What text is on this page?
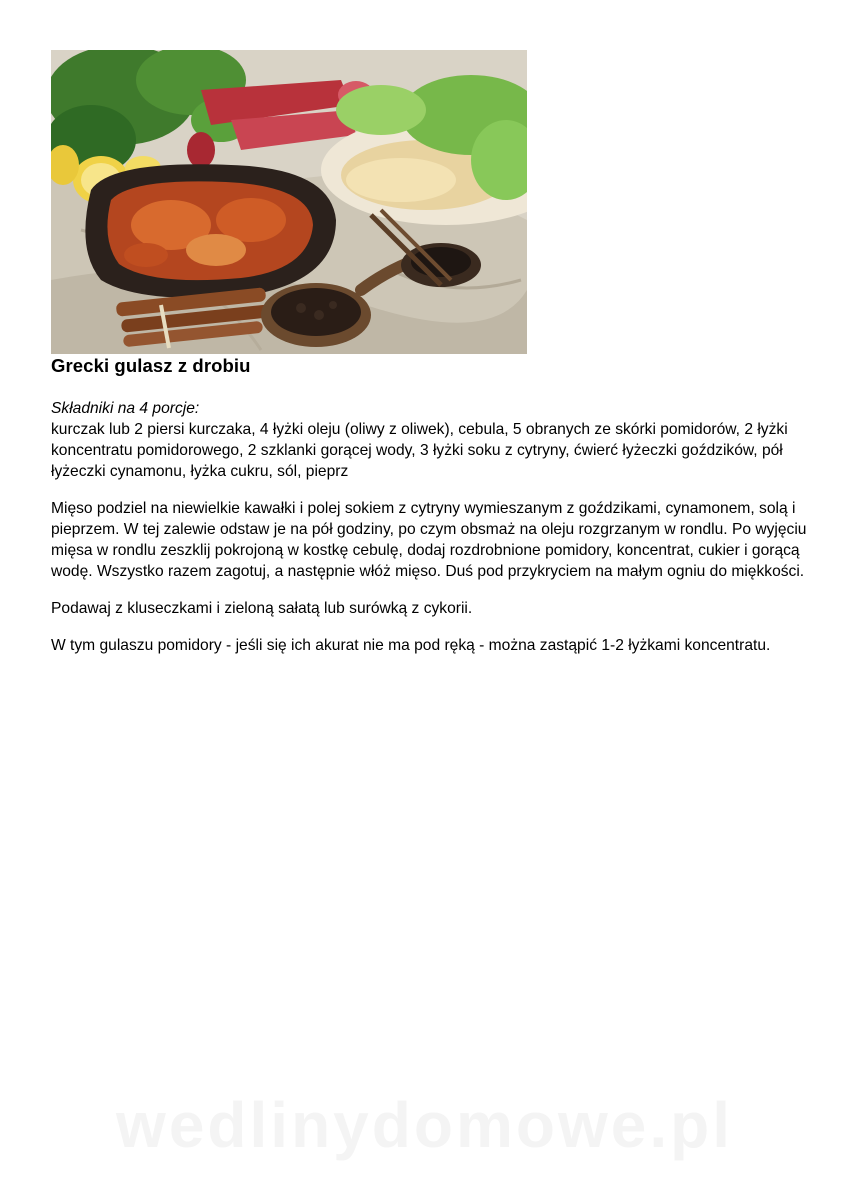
Grecki gulasz z drobiu

Składniki na 4 porcje:
kurczak lub 2 piersi kurczaka, 4 łyżki oleju (oliwy z oliwek), cebula, 5 obranych ze skórki pomidorów, 2 łyżki koncentratu pomidorowego, 2 szklanki gorącej wody, 3 łyżki soku z cytryny, ćwierć łyżeczki goździków, pół łyżeczki cynamonu, łyżka cukru, sól, pieprz

Mięso podziel na niewielkie kawałki i polej sokiem z cytryny wymieszanym z goździkami, cynamonem, solą i pieprzem. W tej zalewie odstaw je na pół godziny, po czym obsmaż na oleju rozgrzanym w rondlu. Po wyjęciu mięsa w rondlu zeszklij pokrojoną w kostkę cebulę, dodaj rozdrobnione pomidory, koncentrat, cukier i gorącą wodę. Wszystko razem zagotuj, a następnie włóż mięso. Duś pod przykryciem na małym ogniu do miękkości.

Podawaj z kluseczkami i zieloną sałatą lub surówką z cykorii.

W tym gulaszu pomidory - jeśli się ich akurat nie ma pod ręką - można zastąpić 1-2 łyżkami koncentratu.

wedlinydomowe.pl
